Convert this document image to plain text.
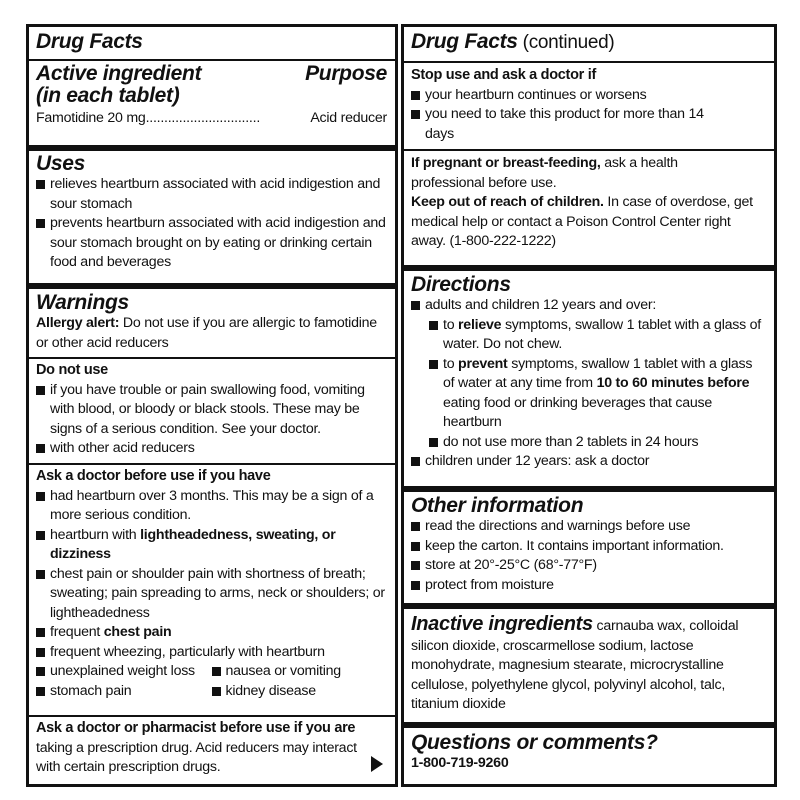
Drug Facts
Active ingredient
(in each tablet)
Purpose
Famotidine 20 mg ...............................	Acid reducer
Uses
relieves heartburn associated with acid indigestion and sour stomach
prevents heartburn associated with acid indigestion and sour stomach brought on by eating or drinking certain food and beverages
Warnings
Allergy alert: Do not use if you are allergic to famotidine or other acid reducers
Do not use
if you have trouble or pain swallowing food, vomiting with blood, or bloody or black stools. These may be signs of a serious condition. See your doctor.
with other acid reducers
Ask a doctor before use if you have
had heartburn over 3 months. This may be a sign of a more serious condition.
heartburn with lightheadedness, sweating, or dizziness
chest pain or shoulder pain with shortness of breath; sweating; pain spreading to arms, neck or shoulders; or lightheadedness
frequent chest pain
frequent wheezing, particularly with heartburn
unexplained weight loss	nausea or vomiting
stomach pain	kidney disease
Ask a doctor or pharmacist before use if you are
taking a prescription drug. Acid reducers may interact with certain prescription drugs.
Drug Facts (continued)
Stop use and ask a doctor if
your heartburn continues or worsens
you need to take this product for more than 14 days
If pregnant or breast-feeding, ask a health professional before use.
Keep out of reach of children. In case of overdose, get medical help or contact a Poison Control Center right away. (1-800-222-1222)
Directions
adults and children 12 years and over:
to relieve symptoms, swallow 1 tablet with a glass of water. Do not chew.
to prevent symptoms, swallow 1 tablet with a glass of water at any time from 10 to 60 minutes before eating food or drinking beverages that cause heartburn
do not use more than 2 tablets in 24 hours
children under 12 years: ask a doctor
Other information
read the directions and warnings before use
keep the carton. It contains important information.
store at 20°-25°C (68°-77°F)
protect from moisture
Inactive ingredients carnauba wax, colloidal silicon dioxide, croscarmellose sodium, lactose monohydrate, magnesium stearate, microcrystalline cellulose, polyethylene glycol, polyvinyl alcohol, talc, titanium dioxide
Questions or comments?
1-800-719-9260
